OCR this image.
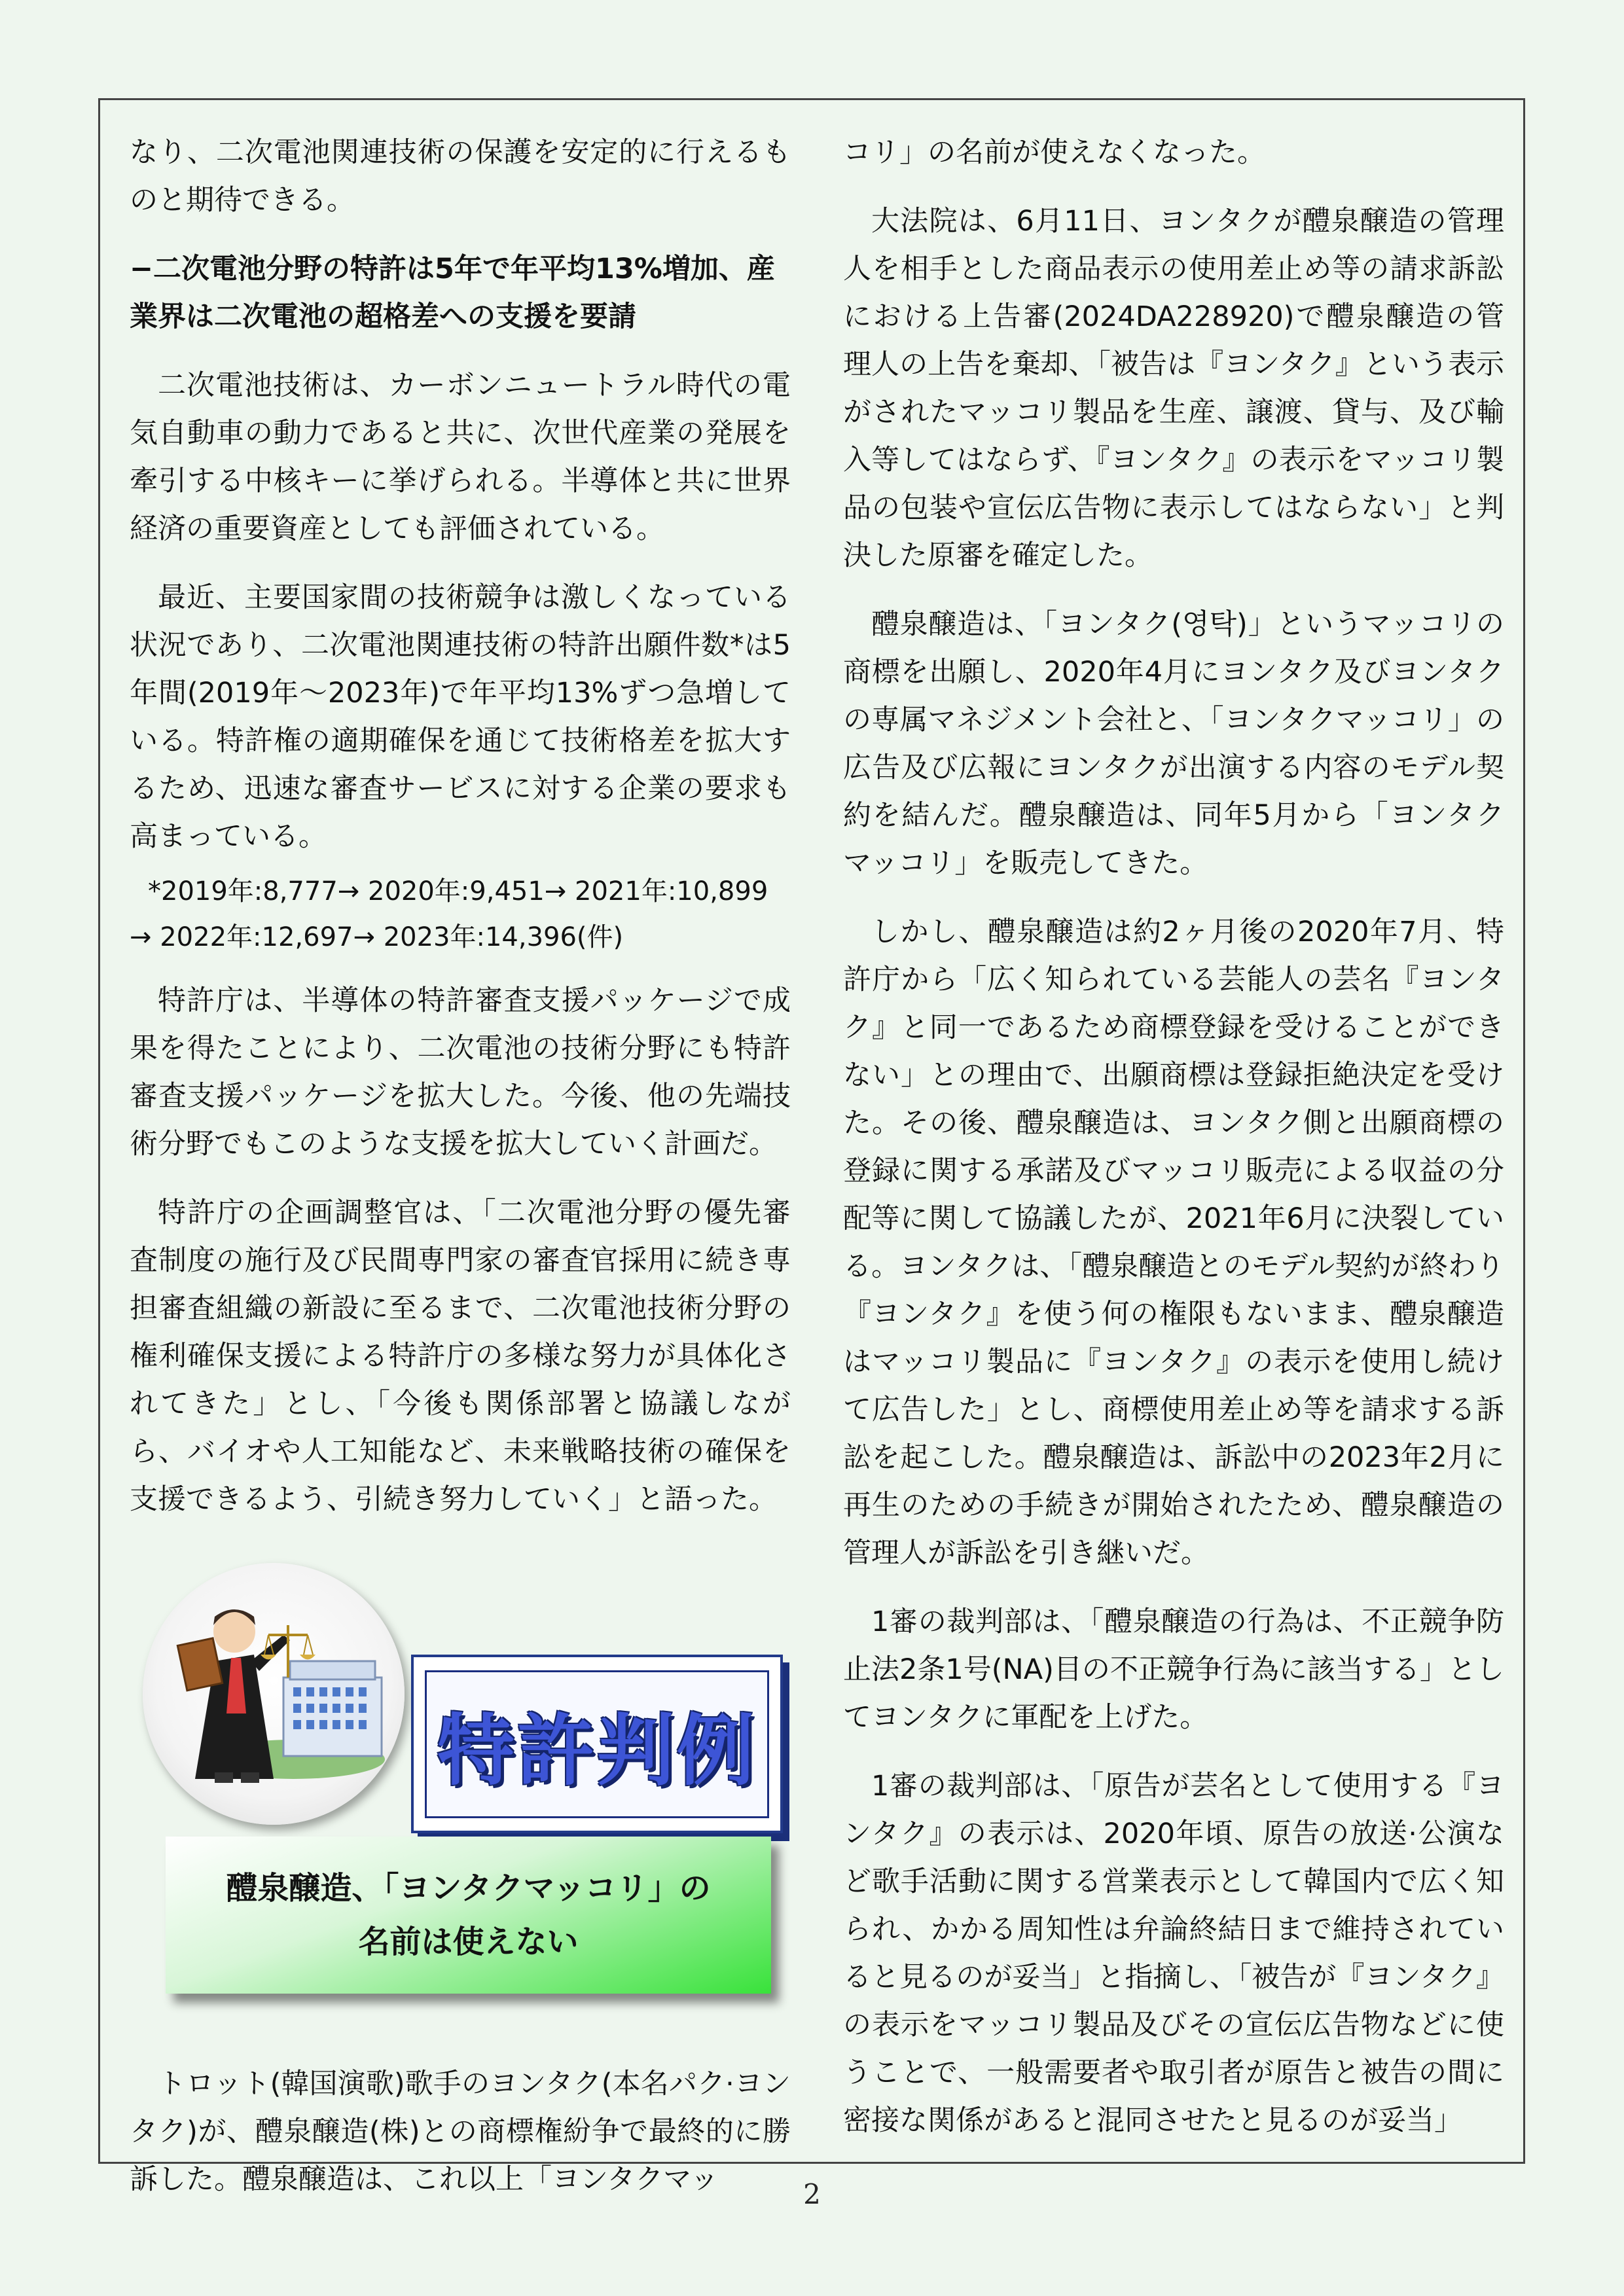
なり、二次電池関連技術の保護を安定的に行えるものと期待できる。

−二次電池分野の特許は5年で年平均13%増加、産業界は二次電池の超格差への支援を要請

二次電池技術は、カーボンニュートラル時代の電気自動車の動力であると共に、次世代産業の発展を牽引する中核キーに挙げられる。半導体と共に世界経済の重要資産としても評価されている。

最近、主要国家間の技術競争は激しくなっている状況であり、二次電池関連技術の特許出願件数*は5年間(2019年～2023年)で年平均13%ずつ急増している。特許権の適期確保を通じて技術格差を拡大するため、迅速な審査サービスに対する企業の要求も高まっている。

*2019年:8,777→ 2020年:9,451→ 2021年:10,899
→ 2022年:12,697→ 2023年:14,396(件)

特許庁は、半導体の特許審査支援パッケージで成果を得たことにより、二次電池の技術分野にも特許審査支援パッケージを拡大した。今後、他の先端技術分野でもこのような支援を拡大していく計画だ。

特許庁の企画調整官は、「二次電池分野の優先審査制度の施行及び民間専門家の審査官採用に続き専担審査組織の新設に至るまで、二次電池技術分野の権利確保支援による特許庁の多様な努力が具体化されてきた」とし、「今後も関係部署と協議しながら、バイオや人工知能など、未来戦略技術の確保を支援できるよう、引続き努力していく」と語った。

特許判例
醴泉醸造、「ヨンタクマッコリ」の
名前は使えない

トロット(韓国演歌)歌手のヨンタク(本名パク·ヨンタク)が、醴泉醸造(株)との商標権紛争で最終的に勝訴した。醴泉醸造は、これ以上「ヨンタクマッ

コリ」の名前が使えなくなった。

大法院は、6月11日、ヨンタクが醴泉醸造の管理人を相手とした商品表示の使用差止め等の請求訴訟における上告審(2024DA228920)で醴泉醸造の管理人の上告を棄却、「被告は『ヨンタク』という表示がされたマッコリ製品を生産、譲渡、貸与、及び輸入等してはならず、『ヨンタク』の表示をマッコリ製品の包装や宣伝広告物に表示してはならない」と判決した原審を確定した。

醴泉醸造は、「ヨンタク(영탁)」というマッコリの商標を出願し、2020年4月にヨンタク及びヨンタクの専属マネジメント会社と、「ヨンタクマッコリ」の広告及び広報にヨンタクが出演する内容のモデル契約を結んだ。醴泉醸造は、同年5月から「ヨンタクマッコリ」を販売してきた。

しかし、醴泉醸造は約2ヶ月後の2020年7月、特許庁から「広く知られている芸能人の芸名『ヨンタク』と同一であるため商標登録を受けることができない」との理由で、出願商標は登録拒絶決定を受けた。その後、醴泉醸造は、ヨンタク側と出願商標の登録に関する承諾及びマッコリ販売による収益の分配等に関して協議したが、2021年6月に決裂している。ヨンタクは、「醴泉醸造とのモデル契約が終わり『ヨンタク』を使う何の権限もないまま、醴泉醸造はマッコリ製品に『ヨンタク』の表示を使用し続けて広告した」とし、商標使用差止め等を請求する訴訟を起こした。醴泉醸造は、訴訟中の2023年2月に再生のための手続きが開始されたため、醴泉醸造の管理人が訴訟を引き継いだ。

1審の裁判部は、「醴泉醸造の行為は、不正競争防止法2条1号(NA)目の不正競争行為に該当する」としてヨンタクに軍配を上げた。

1審の裁判部は、「原告が芸名として使用する『ヨンタク』の表示は、2020年頃、原告の放送·公演など歌手活動に関する営業表示として韓国内で広く知られ、かかる周知性は弁論終結日まで維持されていると見るのが妥当」と指摘し、「被告が『ヨンタク』の表示をマッコリ製品及びその宣伝広告物などに使うことで、一般需要者や取引者が原告と被告の間に密接な関係があると混同させたと見るのが妥当」

2
